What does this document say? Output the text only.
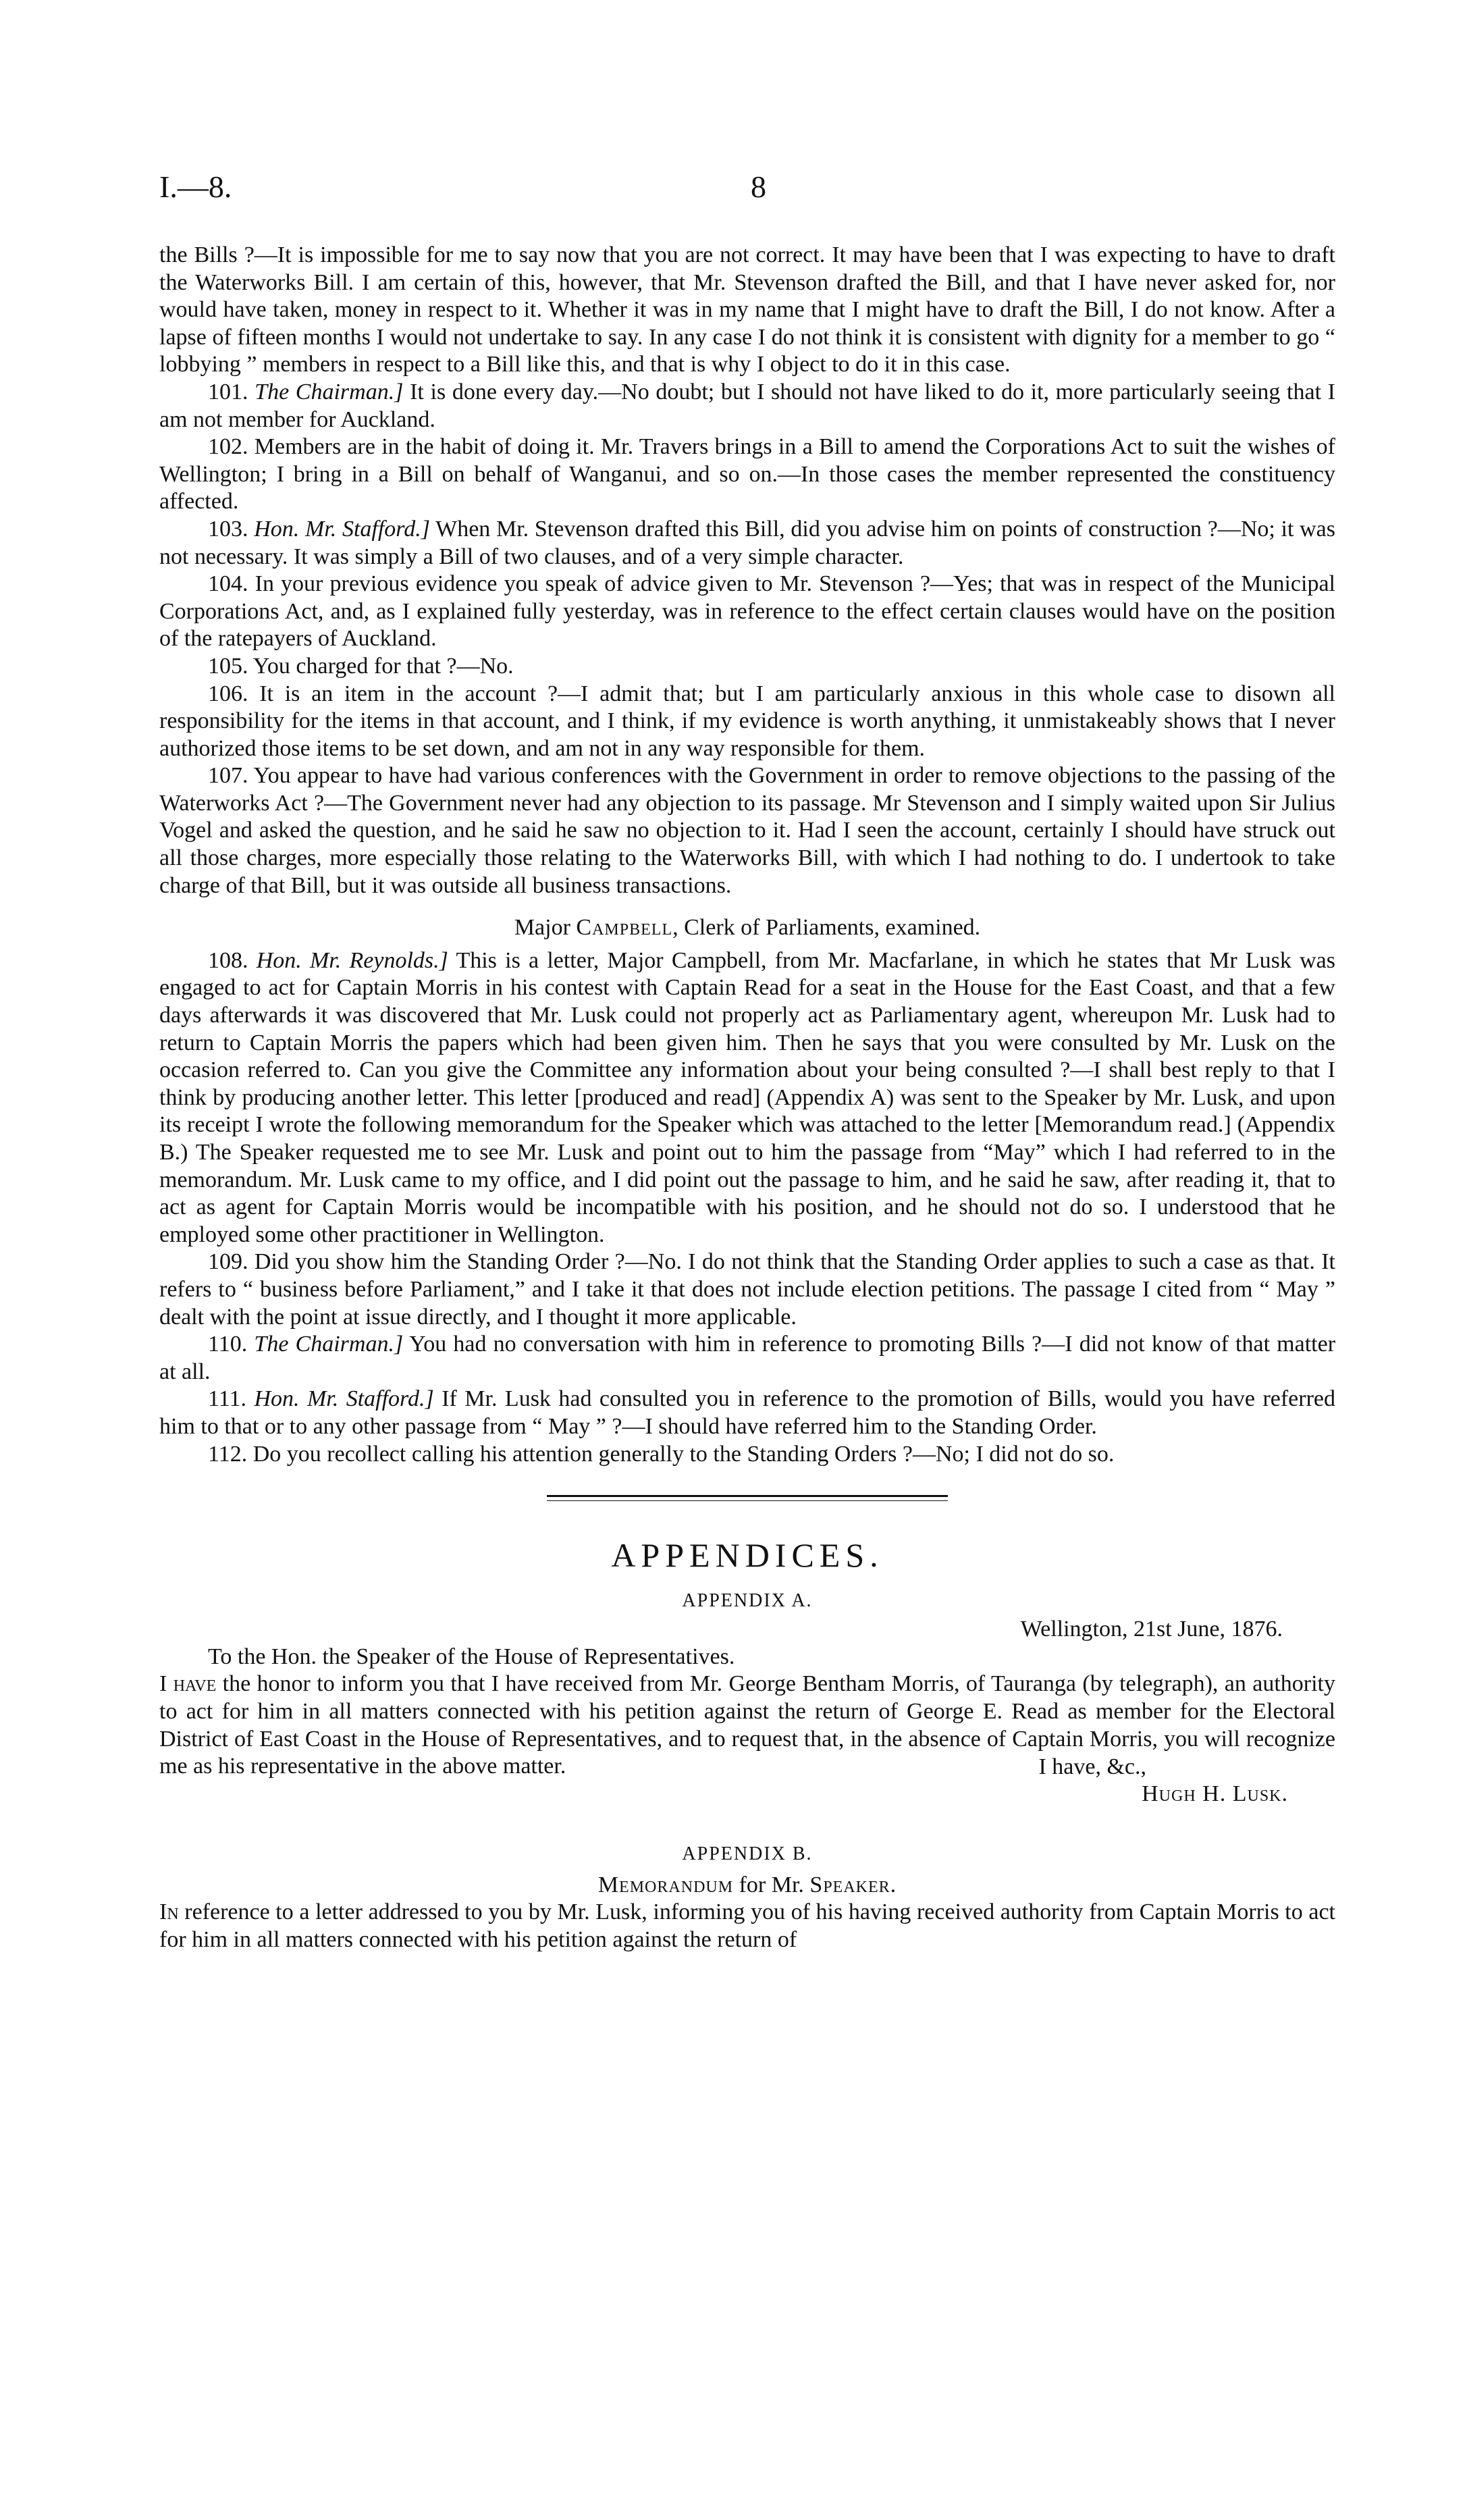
I.—8.	8

the Bills ?—It is impossible for me to say now that you are not correct. It may have been that I was expecting to have to draft the Waterworks Bill. I am certain of this, however, that Mr. Stevenson drafted the Bill, and that I have never asked for, nor would have taken, money in respect to it. Whether it was in my name that I might have to draft the Bill, I do not know. After a lapse of fifteen months I would not undertake to say. In any case I do not think it is consistent with dignity for a member to go “ lobbying ” members in respect to a Bill like this, and that is why I object to do it in this case.

101. The Chairman.] It is done every day.—No doubt; but I should not have liked to do it, more particularly seeing that I am not member for Auckland.

102. Members are in the habit of doing it. Mr. Travers brings in a Bill to amend the Corporations Act to suit the wishes of Wellington; I bring in a Bill on behalf of Wanganui, and so on.—In those cases the member represented the constituency affected.

103. Hon. Mr. Stafford.] When Mr. Stevenson drafted this Bill, did you advise him on points of construction ?—No; it was not necessary. It was simply a Bill of two clauses, and of a very simple character.

104. In your previous evidence you speak of advice given to Mr. Stevenson ?—Yes; that was in respect of the Municipal Corporations Act, and, as I explained fully yesterday, was in reference to the effect certain clauses would have on the position of the ratepayers of Auckland.

105. You charged for that ?—No.

106. It is an item in the account ?—I admit that; but I am particularly anxious in this whole case to disown all responsibility for the items in that account, and I think, if my evidence is worth anything, it unmistakeably shows that I never authorized those items to be set down, and am not in any way responsible for them.

107. You appear to have had various conferences with the Government in order to remove objections to the passing of the Waterworks Act ?—The Government never had any objection to its passage. Mr Stevenson and I simply waited upon Sir Julius Vogel and asked the question, and he said he saw no objection to it. Had I seen the account, certainly I should have struck out all those charges, more especially those relating to the Waterworks Bill, with which I had nothing to do. I undertook to take charge of that Bill, but it was outside all business transactions.

Major Campbell, Clerk of Parliaments, examined.

108. Hon. Mr. Reynolds.] This is a letter, Major Campbell, from Mr. Macfarlane, in which he states that Mr Lusk was engaged to act for Captain Morris in his contest with Captain Read for a seat in the House for the East Coast, and that a few days afterwards it was discovered that Mr. Lusk could not properly act as Parliamentary agent, whereupon Mr. Lusk had to return to Captain Morris the papers which had been given him. Then he says that you were consulted by Mr. Lusk on the occasion referred to. Can you give the Committee any information about your being consulted ?—I shall best reply to that I think by producing another letter. This letter [produced and read] (Appendix A) was sent to the Speaker by Mr. Lusk, and upon its receipt I wrote the following memorandum for the Speaker which was attached to the letter [Memorandum read.] (Appendix B.) The Speaker requested me to see Mr. Lusk and point out to him the passage from “May” which I had referred to in the memorandum. Mr. Lusk came to my office, and I did point out the passage to him, and he said he saw, after reading it, that to act as agent for Captain Morris would be incompatible with his position, and he should not do so. I understood that he employed some other practitioner in Wellington.

109. Did you show him the Standing Order ?—No. I do not think that the Standing Order applies to such a case as that. It refers to “ business before Parliament,” and I take it that does not include election petitions. The passage I cited from “ May ” dealt with the point at issue directly, and I thought it more applicable.

110. The Chairman.] You had no conversation with him in reference to promoting Bills ?—I did not know of that matter at all.

111. Hon. Mr. Stafford.] If Mr. Lusk had consulted you in reference to the promotion of Bills, would you have referred him to that or to any other passage from “ May ” ?—I should have referred him to the Standing Order.

112. Do you recollect calling his attention generally to the Standing Orders ?—No; I did not do so.

APPENDICES.
APPENDIX A.

Wellington, 21st June, 1876.

To the Hon. the Speaker of the House of Representatives.

I have the honor to inform you that I have received from Mr. George Bentham Morris, of Tauranga (by telegraph), an authority to act for him in all matters connected with his petition against the return of George E. Read as member for the Electoral District of East Coast in the House of Representatives, and to request that, in the absence of Captain Morris, you will recognize me as his representative in the above matter.	I have, &c.,

Hugh H. Lusk.

APPENDIX B.

Memorandum for Mr. Speaker.

In reference to a letter addressed to you by Mr. Lusk, informing you of his having received authority from Captain Morris to act for him in all matters connected with his petition against the return of
